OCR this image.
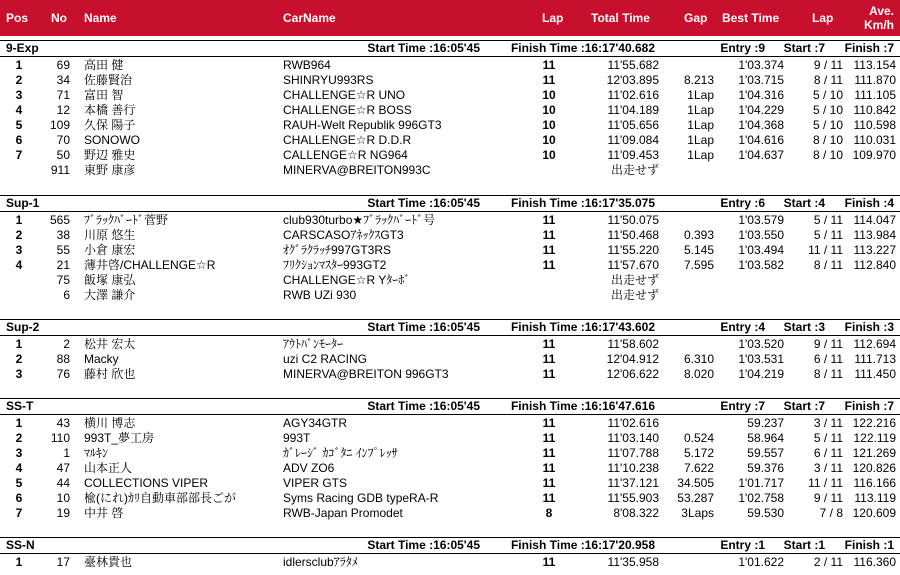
Pos No Name	CarName	Lap Total Time	Gap Best Time	Lap	Ave.
Km/h
9-Exp	Start Time :16:05'45	Finish Time :16:17'40.682	Entry :9	Start :7	Finish :7
1	69 高田 健	RWB964	11	11'55.682	1'03.374	9 / 11 113.154
2	34 佐藤賢治	SHINRYU993RS	11	12'03.895	8.213	1'03.715	8 / 11 111.870
3	71 富田 智	CHALLENGE☆R UNO	10	11'02.616	1Lap	1'04.316	5 / 10 111.105
4	12 本橋 善行	CHALLENGE☆R BOSS	10	11'04.189	1Lap	1'04.229	5 / 10 110.842
5	109 久保 陽子	RAUH-Welt Republik 996GT3	10	11'05.656	1Lap	1'04.368	5 / 10 110.598
6	70 SONOWO	CHALLENGE☆R D.D.R	10	11'09.084	1Lap	1'04.616	8 / 10 110.031
7	50 野辺 雅史	CALLENGE☆R NG964	10	11'09.453	1Lap	1'04.637	8 / 10 109.970
911 東野 康彦	MINERVA@BREITON993C	出走せず
Sup-1	Start Time :16:05'45	Finish Time :16:17'35.075	Entry :6	Start :4	Finish :4
1	565 ﾌﾞﾗｯｸﾊﾞｰﾄﾞ菅野	club930turbo★ﾌﾞﾗｯｸﾊﾞｰﾄﾞ号	11	11'50.075	1'03.579	5 / 11 114.047
2	38 川原 悠生	CARSCASOｱﾈｯｸｽGT3	11	11'50.468	0.393	1'03.550	5 / 11 113.984
3	55 小倉 康宏	ｵｸﾞﾗｸﾗｯﾁ997GT3RS	11	11'55.220	5.145	1'03.494	11 / 11 113.227
4	21 薄井啓/CHALLENGE☆R	ﾌﾘｸｼｮﾝﾏｽﾀｰ993GT2	11	11'57.670	7.595	1'03.582	8 / 11 112.840
75 飯塚 康弘	CHALLENGE☆R Yﾀｰﾎﾞ	出走せず
6 大澤 謙介	RWB UZi 930	出走せず
Sup-2	Start Time :16:05'45	Finish Time :16:17'43.602	Entry :4	Start :3	Finish :3
1	2 松井 宏太	ｱｳﾄﾊﾞﾝﾓｰﾀｰ	11	11'58.602	1'03.520	9 / 11 112.694
2	88 Macky	uzi C2 RACING	11	12'04.912	6.310	1'03.531	6 / 11 111.713
3	76 藤村 欣也	MINERVA@BREITON 996GT3	11	12'06.622	8.020	1'04.219	8 / 11 111.450
SS-T	Start Time :16:05'45	Finish Time :16:16'47.616	Entry :7	Start :7	Finish :7
1	43 横川 博志	AGY34GTR	11	11'02.616	59.237	3 / 11 122.216
2	110 993T_夢工房	993T	11	11'03.140	0.524	58.964	5 / 11 122.119
3	1 ﾏﾙｷﾝ	ｶﾞﾚｰｼﾞ ｶｺﾞﾀﾆ ｲﾝﾌﾟﾚｯｻ	11	11'07.788	5.172	59.557	6 / 11 121.269
4	47 山本正人	ADV ZO6	11	11'10.238	7.622	59.376	3 / 11 120.826
5	44 COLLECTIONS VIPER	VIPER GTS	11	11'37.121	34.505	1'01.717	11 / 11 116.166
6	10 楡(にれ)ｶﾘ自動車部部長ごが	Syms Racing GDB typeRA-R	11	11'55.903	53.287	1'02.758	9 / 11 113.119
7	19 中井 啓	RWB-Japan Promodet	8	8'08.322	3Laps	59.530	7 / 8 120.609
SS-N	Start Time :16:05'45	Finish Time :16:17'20.958	Entry :1	Start :1	Finish :1
1	17 臺林貴也	idlersclubｱﾗﾀﾒ	11	11'35.958	1'01.622	2 / 11 116.360
